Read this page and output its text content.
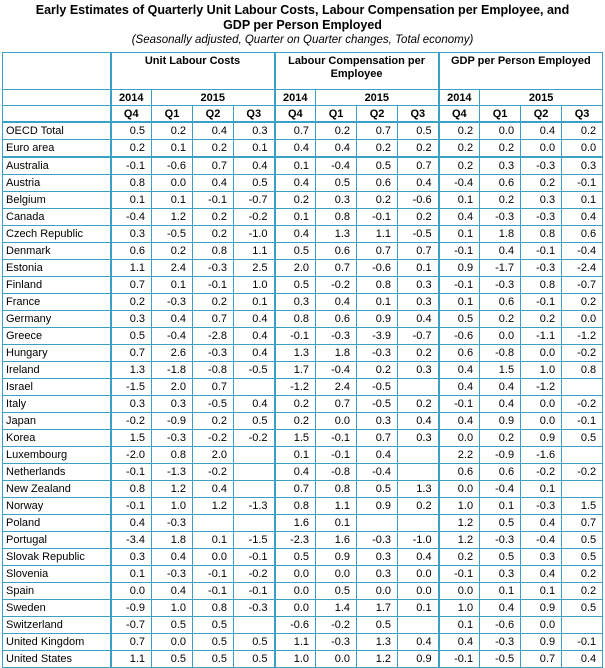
Early Estimates of Quarterly Unit Labour Costs, Labour Compensation per Employee, and
GDP per Person Employed
(Seasonally adjusted, Quarter on Quarter changes, Total economy)
	Unit Labour Costs				Labour Compensation per Employee				GDP per Person Employed			
	2014	2015			2014	2015			2014	2015		
	Q4	Q1	Q2	Q3	Q4	Q1	Q2	Q3	Q4	Q1	Q2	Q3
OECD Total	0.5	0.2	0.4	0.3	0.7	0.2	0.7	0.5	0.2	0.0	0.4	0.2
Euro area	0.2	0.1	0.2	0.1	0.4	0.4	0.2	0.2	0.2	0.2	0.0	0.0
Australia	-0.1	-0.6	0.7	0.4	0.1	-0.4	0.5	0.7	0.2	0.3	-0.3	0.3
Austria	0.8	0.0	0.4	0.5	0.4	0.5	0.6	0.4	-0.4	0.6	0.2	-0.1
Belgium	0.1	0.1	-0.1	-0.7	0.2	0.3	0.2	-0.6	0.1	0.2	0.3	0.1
Canada	-0.4	1.2	0.2	-0.2	0.1	0.8	-0.1	0.2	0.4	-0.3	-0.3	0.4
Czech Republic	0.3	-0.5	0.2	-1.0	0.4	1.3	1.1	-0.5	0.1	1.8	0.8	0.6
Denmark	0.6	0.2	0.8	1.1	0.5	0.6	0.7	0.7	-0.1	0.4	-0.1	-0.4
Estonia	1.1	2.4	-0.3	2.5	2.0	0.7	-0.6	0.1	0.9	-1.7	-0.3	-2.4
Finland	0.7	0.1	-0.1	1.0	0.5	-0.2	0.8	0.3	-0.1	-0.3	0.8	-0.7
France	0.2	-0.3	0.2	0.1	0.3	0.4	0.1	0.3	0.1	0.6	-0.1	0.2
Germany	0.3	0.4	0.7	0.4	0.8	0.6	0.9	0.4	0.5	0.2	0.2	0.0
Greece	0.5	-0.4	-2.8	0.4	-0.1	-0.3	-3.9	-0.7	-0.6	0.0	-1.1	-1.2
Hungary	0.7	2.6	-0.3	0.4	1.3	1.8	-0.3	0.2	0.6	-0.8	0.0	-0.2
Ireland	1.3	-1.8	-0.8	-0.5	1.7	-0.4	0.2	0.3	0.4	1.5	1.0	0.8
Israel	-1.5	2.0	0.7		-1.2	2.4	-0.5		0.4	0.4	-1.2	
Italy	0.3	0.3	-0.5	0.4	0.2	0.7	-0.5	0.2	-0.1	0.4	0.0	-0.2
Japan	-0.2	-0.9	0.2	0.5	0.2	0.0	0.3	0.4	0.4	0.9	0.0	-0.1
Korea	1.5	-0.3	-0.2	-0.2	1.5	-0.1	0.7	0.3	0.0	0.2	0.9	0.5
Luxembourg	-2.0	0.8	2.0		0.1	-0.1	0.4		2.2	-0.9	-1.6	
Netherlands	-0.1	-1.3	-0.2		0.4	-0.8	-0.4		0.6	0.6	-0.2	-0.2
New Zealand	0.8	1.2	0.4		0.7	0.8	0.5	1.3	0.0	-0.4	0.1	
Norway	-0.1	1.0	1.2	-1.3	0.8	1.1	0.9	0.2	1.0	0.1	-0.3	1.5
Poland	0.4	-0.3			1.6	0.1			1.2	0.5	0.4	0.7
Portugal	-3.4	1.8	0.1	-1.5	-2.3	1.6	-0.3	-1.0	1.2	-0.3	-0.4	0.5
Slovak Republic	0.3	0.4	0.0	-0.1	0.5	0.9	0.3	0.4	0.2	0.5	0.3	0.5
Slovenia	0.1	-0.3	-0.1	-0.2	0.0	0.0	0.3	0.0	-0.1	0.3	0.4	0.2
Spain	0.0	0.4	-0.1	-0.1	0.0	0.5	0.0	0.0	0.0	0.1	0.1	0.2
Sweden	-0.9	1.0	0.8	-0.3	0.0	1.4	1.7	0.1	1.0	0.4	0.9	0.5
Switzerland	-0.7	0.5	0.5		-0.6	-0.2	0.5		0.1	-0.6	0.0	
United Kingdom	0.7	0.0	0.5	0.5	1.1	-0.3	1.3	0.4	0.4	-0.3	0.9	-0.1
United States	1.1	0.5	0.5	0.5	1.0	0.0	1.2	0.9	-0.1	-0.5	0.7	0.4
